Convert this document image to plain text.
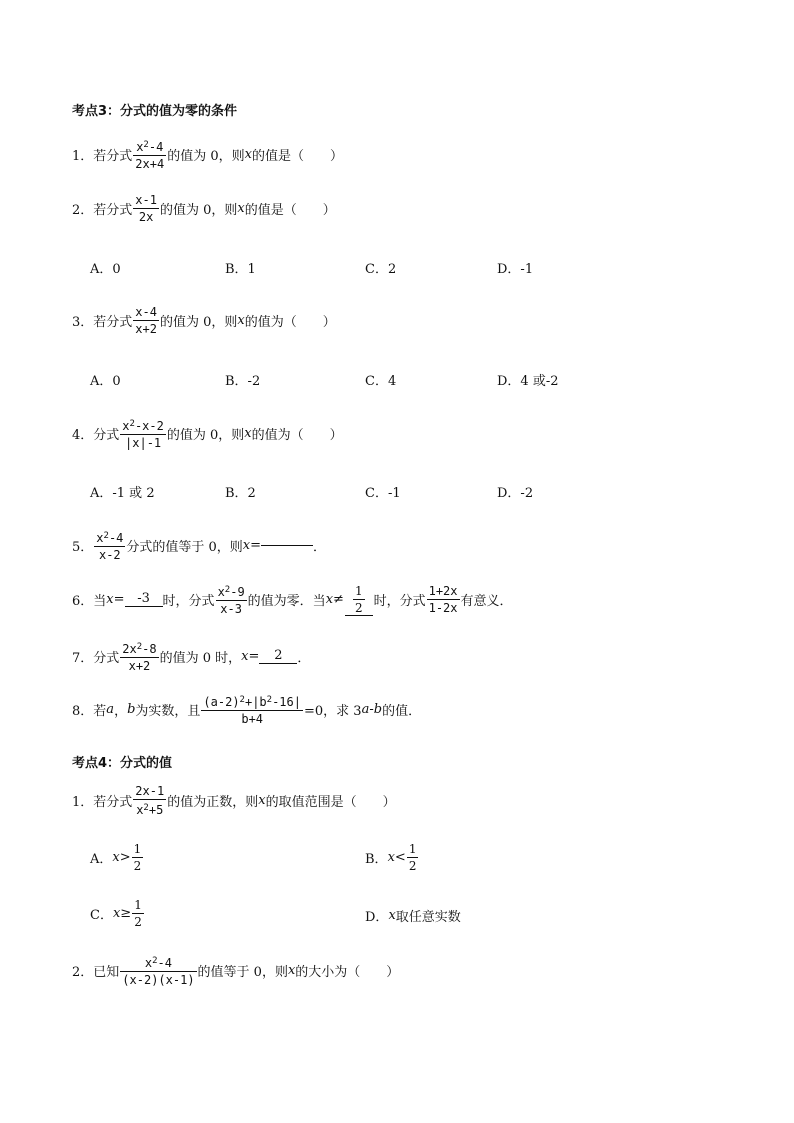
考点3：分式的值为零的条件
1． 若分式 $\frac{x^2-4}{2x+4}$ 的值为 0，则 x 的值是（　　）
2． 若分式 $\frac{x-1}{2x}$ 的值为 0，则 x 的值是（　　）
A．0	B．1	C．2	D．-1
3． 若分式 $\frac{x-4}{x+2}$ 的值为 0，则 x 的值为（　　）
A．0	B．-2	C．4	D．4 或-2
4． 分式 $\frac{x^2-x-2}{|x|-1}$ 的值为 0，则 x 的值为（　　）
A．-1 或 2	B．2	C．-1	D．-2
5． $\frac{x^2-4}{x-2}$ 分式的值等于 0，则 x =	．
6． 当 x = -3 时，分式 $\frac{x^2-9}{x-3}$ 的值为零．当 $x \ne \frac{1}{2}$ 时，分式 $\frac{1+2x}{1-2x}$ 有意义．
7． 分式 $\frac{2x^2-8}{x+2}$ 的值为 0 时， x =	2	．
8． 若 a ， b 为实数，且 $\frac{(a-2)^2+|b^2-16|}{b+4} =0$，求 3 a - b 的值．
考点4：分式的值
1． 若分式 $\frac{2x-1}{x^2+5}$ 的值为正数，则 x 的取值范围是（　　）
A． $x > \frac{1}{2}$	B． $x < \frac{1}{2}$
C． $x \ge \frac{1}{2}$	D． x 取任意实数
2． 已知 $\frac{x^2-4}{(x-2)(x-1)}$ 的值等于 0，则 x 的大小为（　　）
